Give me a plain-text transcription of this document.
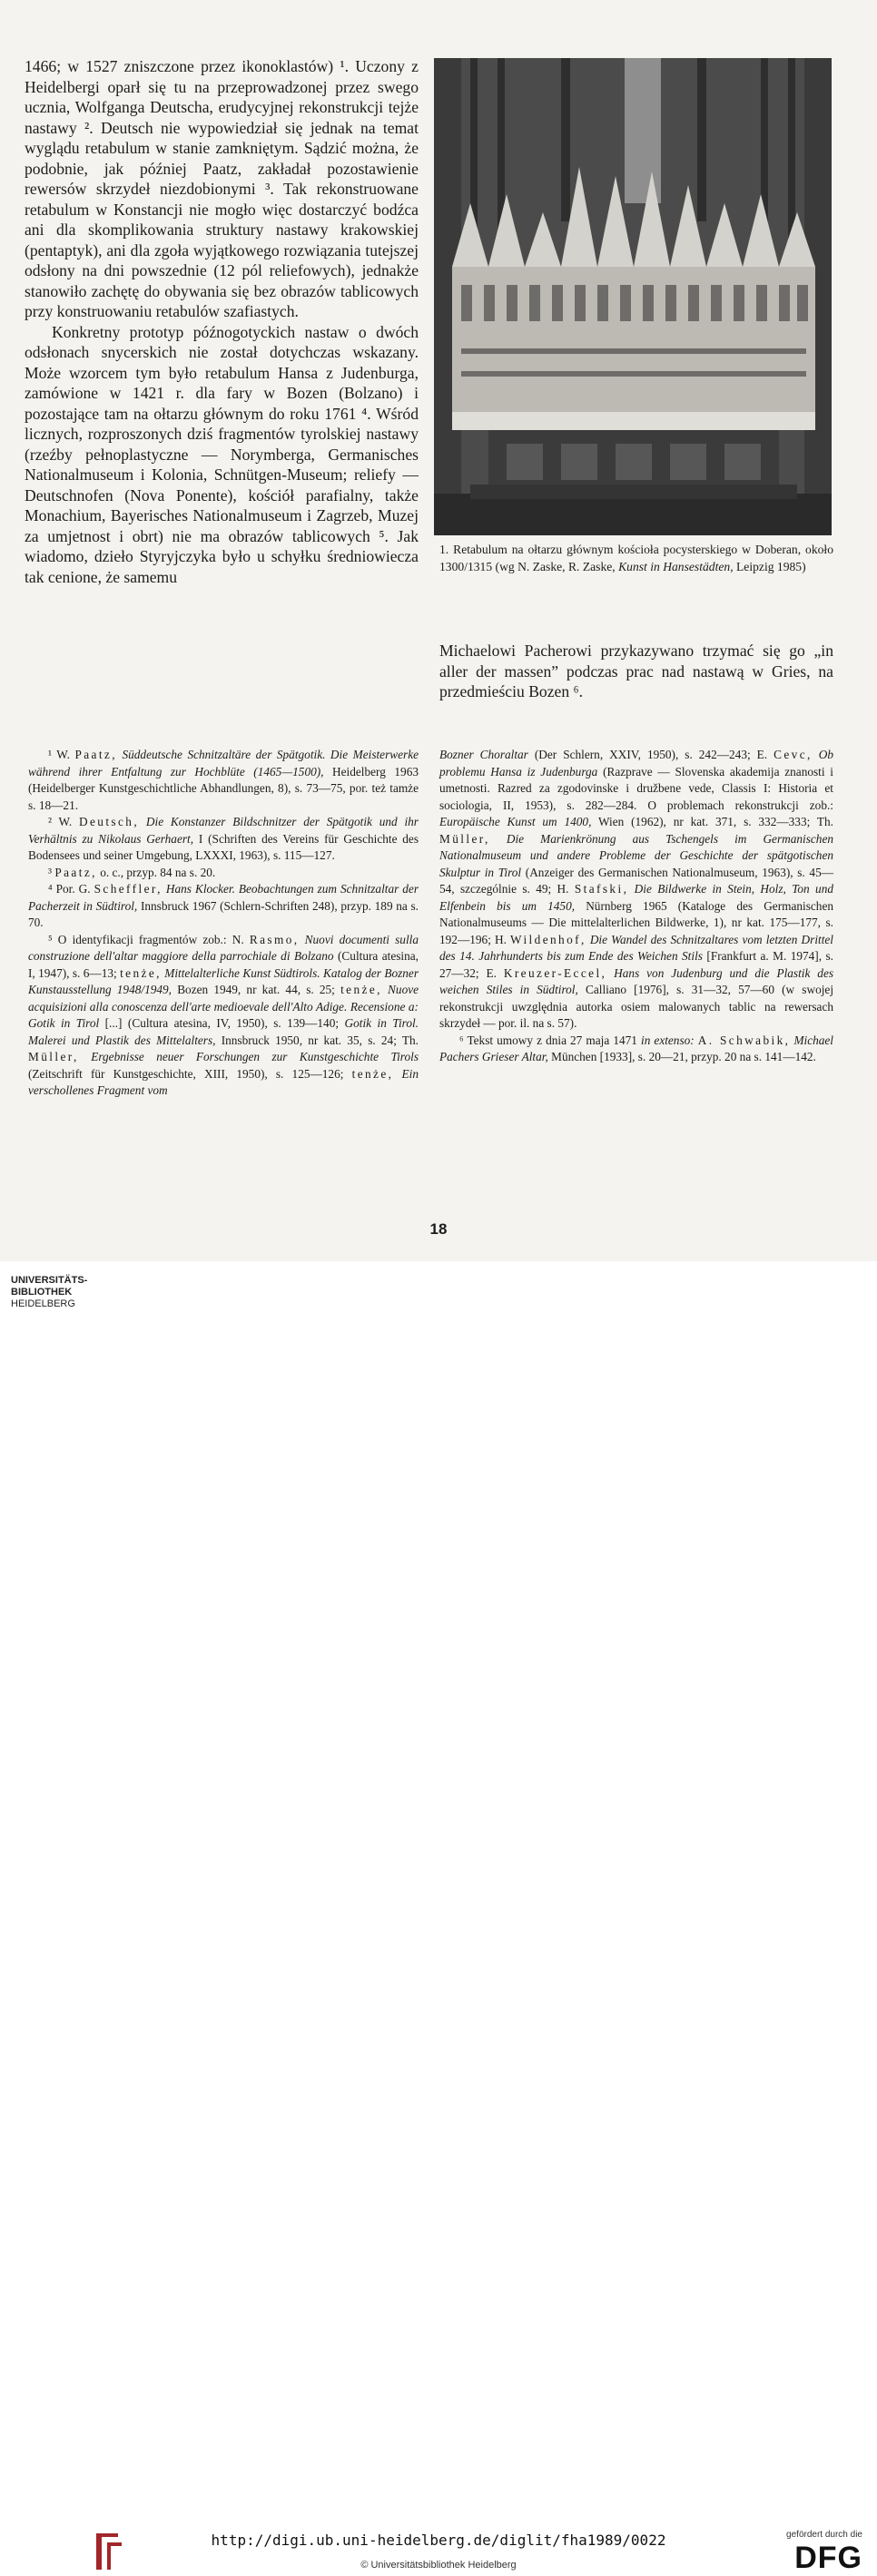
1466; w 1527 zniszczone przez ikonoklastów) ¹. Uczony z Heidelbergi oparł się tu na przeprowadzonej przez swego ucznia, Wolfganga Deutscha, erudycyjnej rekonstrukcji tejże nastawy ². Deutsch nie wypowiedział się jednak na temat wyglądu retabulum w stanie zamkniętym. Sądzić można, że podobnie, jak później Paatz, zakładał pozostawienie rewersów skrzydeł niezdobionymi ³. Tak rekonstruowane retabulum w Konstancji nie mogło więc dostarczyć bodźca ani dla skomplikowania struktury nastawy krakowskiej (pentaptyk), ani dla zgoła wyjątkowego rozwiązania tutejszej odsłony na dni powszednie (12 pól reliefowych), jednakże stanowiło zachętę do obywania się bez obrazów tablicowych przy konstruowaniu retabulów szafiastych.

Konkretny prototyp późnogotyckich nastaw o dwóch odsłonach snycerskich nie został dotychczas wskazany. Może wzorcem tym było retabulum Hansa z Judenburga, zamówione w 1421 r. dla fary w Bozen (Bolzano) i pozostające tam na ołtarzu głównym do roku 1761 ⁴. Wśród licznych, rozproszonych dziś fragmentów tyrolskiej nastawy (rzeźby pełnoplastyczne — Norymberga, Germanisches Nationalmuseum i Kolonia, Schnütgen-Museum; reliefy — Deutschnofen (Nova Ponente), kościół parafialny, także Monachium, Bayerisches Nationalmuseum i Zagrzeb, Muzej za umjetnost i obrt) nie ma obrazów tablicowych ⁵. Jak wiadomo, dzieło Styryjczyka było u schyłku średniowiecza tak cenione, że samemu

1. Retabulum na ołtarzu głównym kościoła pocysterskiego w Doberan, około 1300/1315 (wg N. Zaske, R. Zaske, Kunst in Hansestädten, Leipzig 1985)

Michaelowi Pacherowi przykazywano trzymać się go „in aller der massen” podczas prac nad nastawą w Gries, na przedmieściu Bozen ⁶.

¹ W. Paatz, Süddeutsche Schnitzaltäre der Spätgotik. Die Meisterwerke während ihrer Entfaltung zur Hochblüte (1465—1500), Heidelberg 1963 (Heidelberger Kunstgeschichtliche Abhandlungen, 8), s. 73—75, por. też tamże s. 18—21.

² W. Deutsch, Die Konstanzer Bildschnitzer der Spätgotik und ihr Verhältnis zu Nikolaus Gerhaert, I (Schriften des Vereins für Geschichte des Bodensees und seiner Umgebung, LXXXI, 1963), s. 115—127.

³ Paatz, o. c., przyp. 84 na s. 20.

⁴ Por. G. Scheffler, Hans Klocker. Beobachtungen zum Schnitzaltar der Pacherzeit in Südtirol, Innsbruck 1967 (Schlern-Schriften 248), przyp. 189 na s. 70.

⁵ O identyfikacji fragmentów zob.: N. Rasmo, Nuovi documenti sulla construzione dell'altar maggiore della parrochiale di Bolzano (Cultura atesina, I, 1947), s. 6—13; tenże, Mittelalterliche Kunst Südtirols. Katalog der Bozner Kunstausstellung 1948/1949, Bozen 1949, nr kat. 44, s. 25; tenże, Nuove acquisizioni alla conoscenza dell'arte medioevale dell'Alto Adige. Recensione a: Gotik in Tirol [...] (Cultura atesina, IV, 1950), s. 139—140; Gotik in Tirol. Malerei und Plastik des Mittelalters, Innsbruck 1950, nr kat. 35, s. 24; Th. Müller, Ergebnisse neuer Forschungen zur Kunstgeschichte Tirols (Zeitschrift für Kunstgeschichte, XIII, 1950), s. 125—126; tenże, Ein verschollenes Fragment vom

Bozner Choraltar (Der Schlern, XXIV, 1950), s. 242—243; E. Cevc, Ob problemu Hansa iz Judenburga (Razprave — Slovenska akademija znanosti i umetnosti. Razred za zgodovinske i družbene vede, Classis I: Historia et sociologia, II, 1953), s. 282—284. O problemach rekonstrukcji zob.: Europäische Kunst um 1400, Wien (1962), nr kat. 371, s. 332—333; Th. Müller, Die Marienkrönung aus Tschengels im Germanischen Nationalmuseum und andere Probleme der Geschichte der spätgotischen Skulptur in Tirol (Anzeiger des Germanischen Nationalmuseum, 1963), s. 45—54, szczególnie s. 49; H. Stafski, Die Bildwerke in Stein, Holz, Ton und Elfenbein bis um 1450, Nürnberg 1965 (Kataloge des Germanischen Nationalmuseums — Die mittelalterlichen Bildwerke, 1), nr kat. 175—177, s. 192—196; H. Wildenhof, Die Wandel des Schnitzaltares vom letzten Drittel des 14. Jahrhunderts bis zum Ende des Weichen Stils [Frankfurt a. M. 1974], s. 27—32; E. Kreuzer-Eccel, Hans von Judenburg und die Plastik des weichen Stiles in Südtirol, Calliano [1976], s. 31—32, 57—60 (w swojej rekonstrukcji uwzględnia autorka osiem malowanych tablic na rewersach skrzydeł — por. il. na s. 57).

⁶ Tekst umowy z dnia 27 maja 1471 in extenso: A. Schwabik, Michael Pachers Grieser Altar, München [1933], s. 20—21, przyp. 20 na s. 141—142.

18
http://digi.ub.uni-heidelberg.de/diglit/fha1989/0022
© Universitätsbibliothek Heidelberg
gefördert durch die
DFG
UNIVERSITÄTS-
BIBLIOTHEK
HEIDELBERG
